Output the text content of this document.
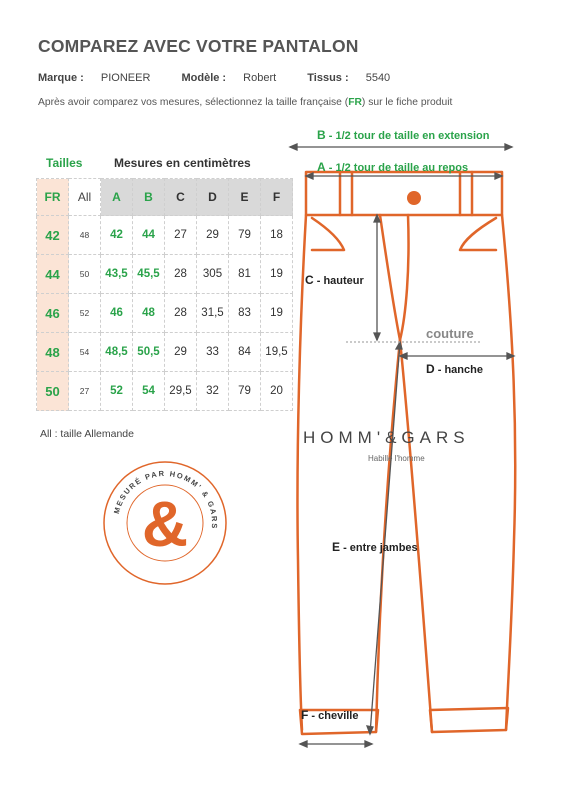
COMPAREZ AVEC VOTRE PANTALON
Marque : PIONEER	Modèle : Robert	Tissus : 5540
Après avoir comparez vos mesures, sélectionnez la taille française (FR) sur le fiche produit
Tailles	Mesures en centimètres
FR	All	A	B	C	D	E	F
42	48	42	44	27	29	79	18
44	50	43,5	45,5	28	305	81	19
46	52	46	48	28	31,5	83	19
48	54	48,5	50,5	29	33	84	19,5
50	27	52	54	29,5	32	79	20
All : taille Allemande
MESURÉ PAR HOMM' & GARS
&
B - 1/2 tour de taille en extension
A - 1/2 tour de taille au repos
C - hauteur
couture
D - hanche
E - entre jambes
F - cheville
HOMM'&GARS
Habille l'homme
